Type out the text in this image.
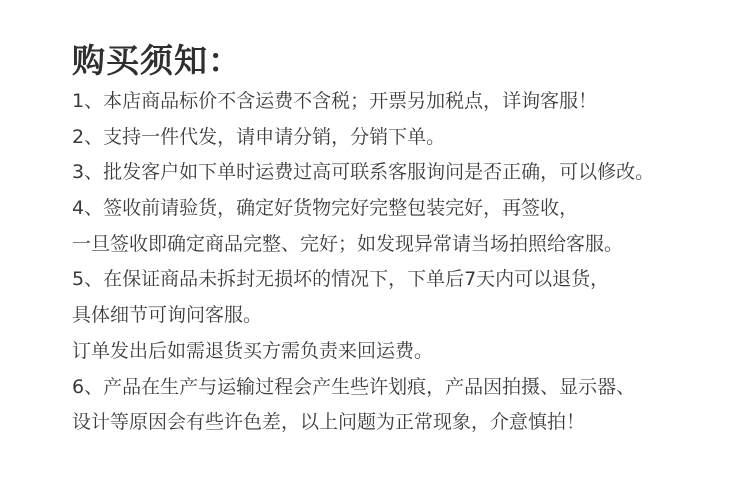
购买须知：
1、本店商品标价不含运费不含税；开票另加税点，详询客服！
2、支持一件代发，请申请分销，分销下单。
3、批发客户如下单时运费过高可联系客服询问是否正确，可以修改。
4、签收前请验货，确定好货物完好完整包装完好，再签收，
一旦签收即确定商品完整、完好；如发现异常请当场拍照给客服。
5、在保证商品未拆封无损坏的情况下，下单后7天内可以退货，
具体细节可询问客服。
订单发出后如需退货买方需负责来回运费。
6、产品在生产与运输过程会产生些许划痕，产品因拍摄、显示器、
设计等原因会有些许色差，以上问题为正常现象，介意慎拍！
